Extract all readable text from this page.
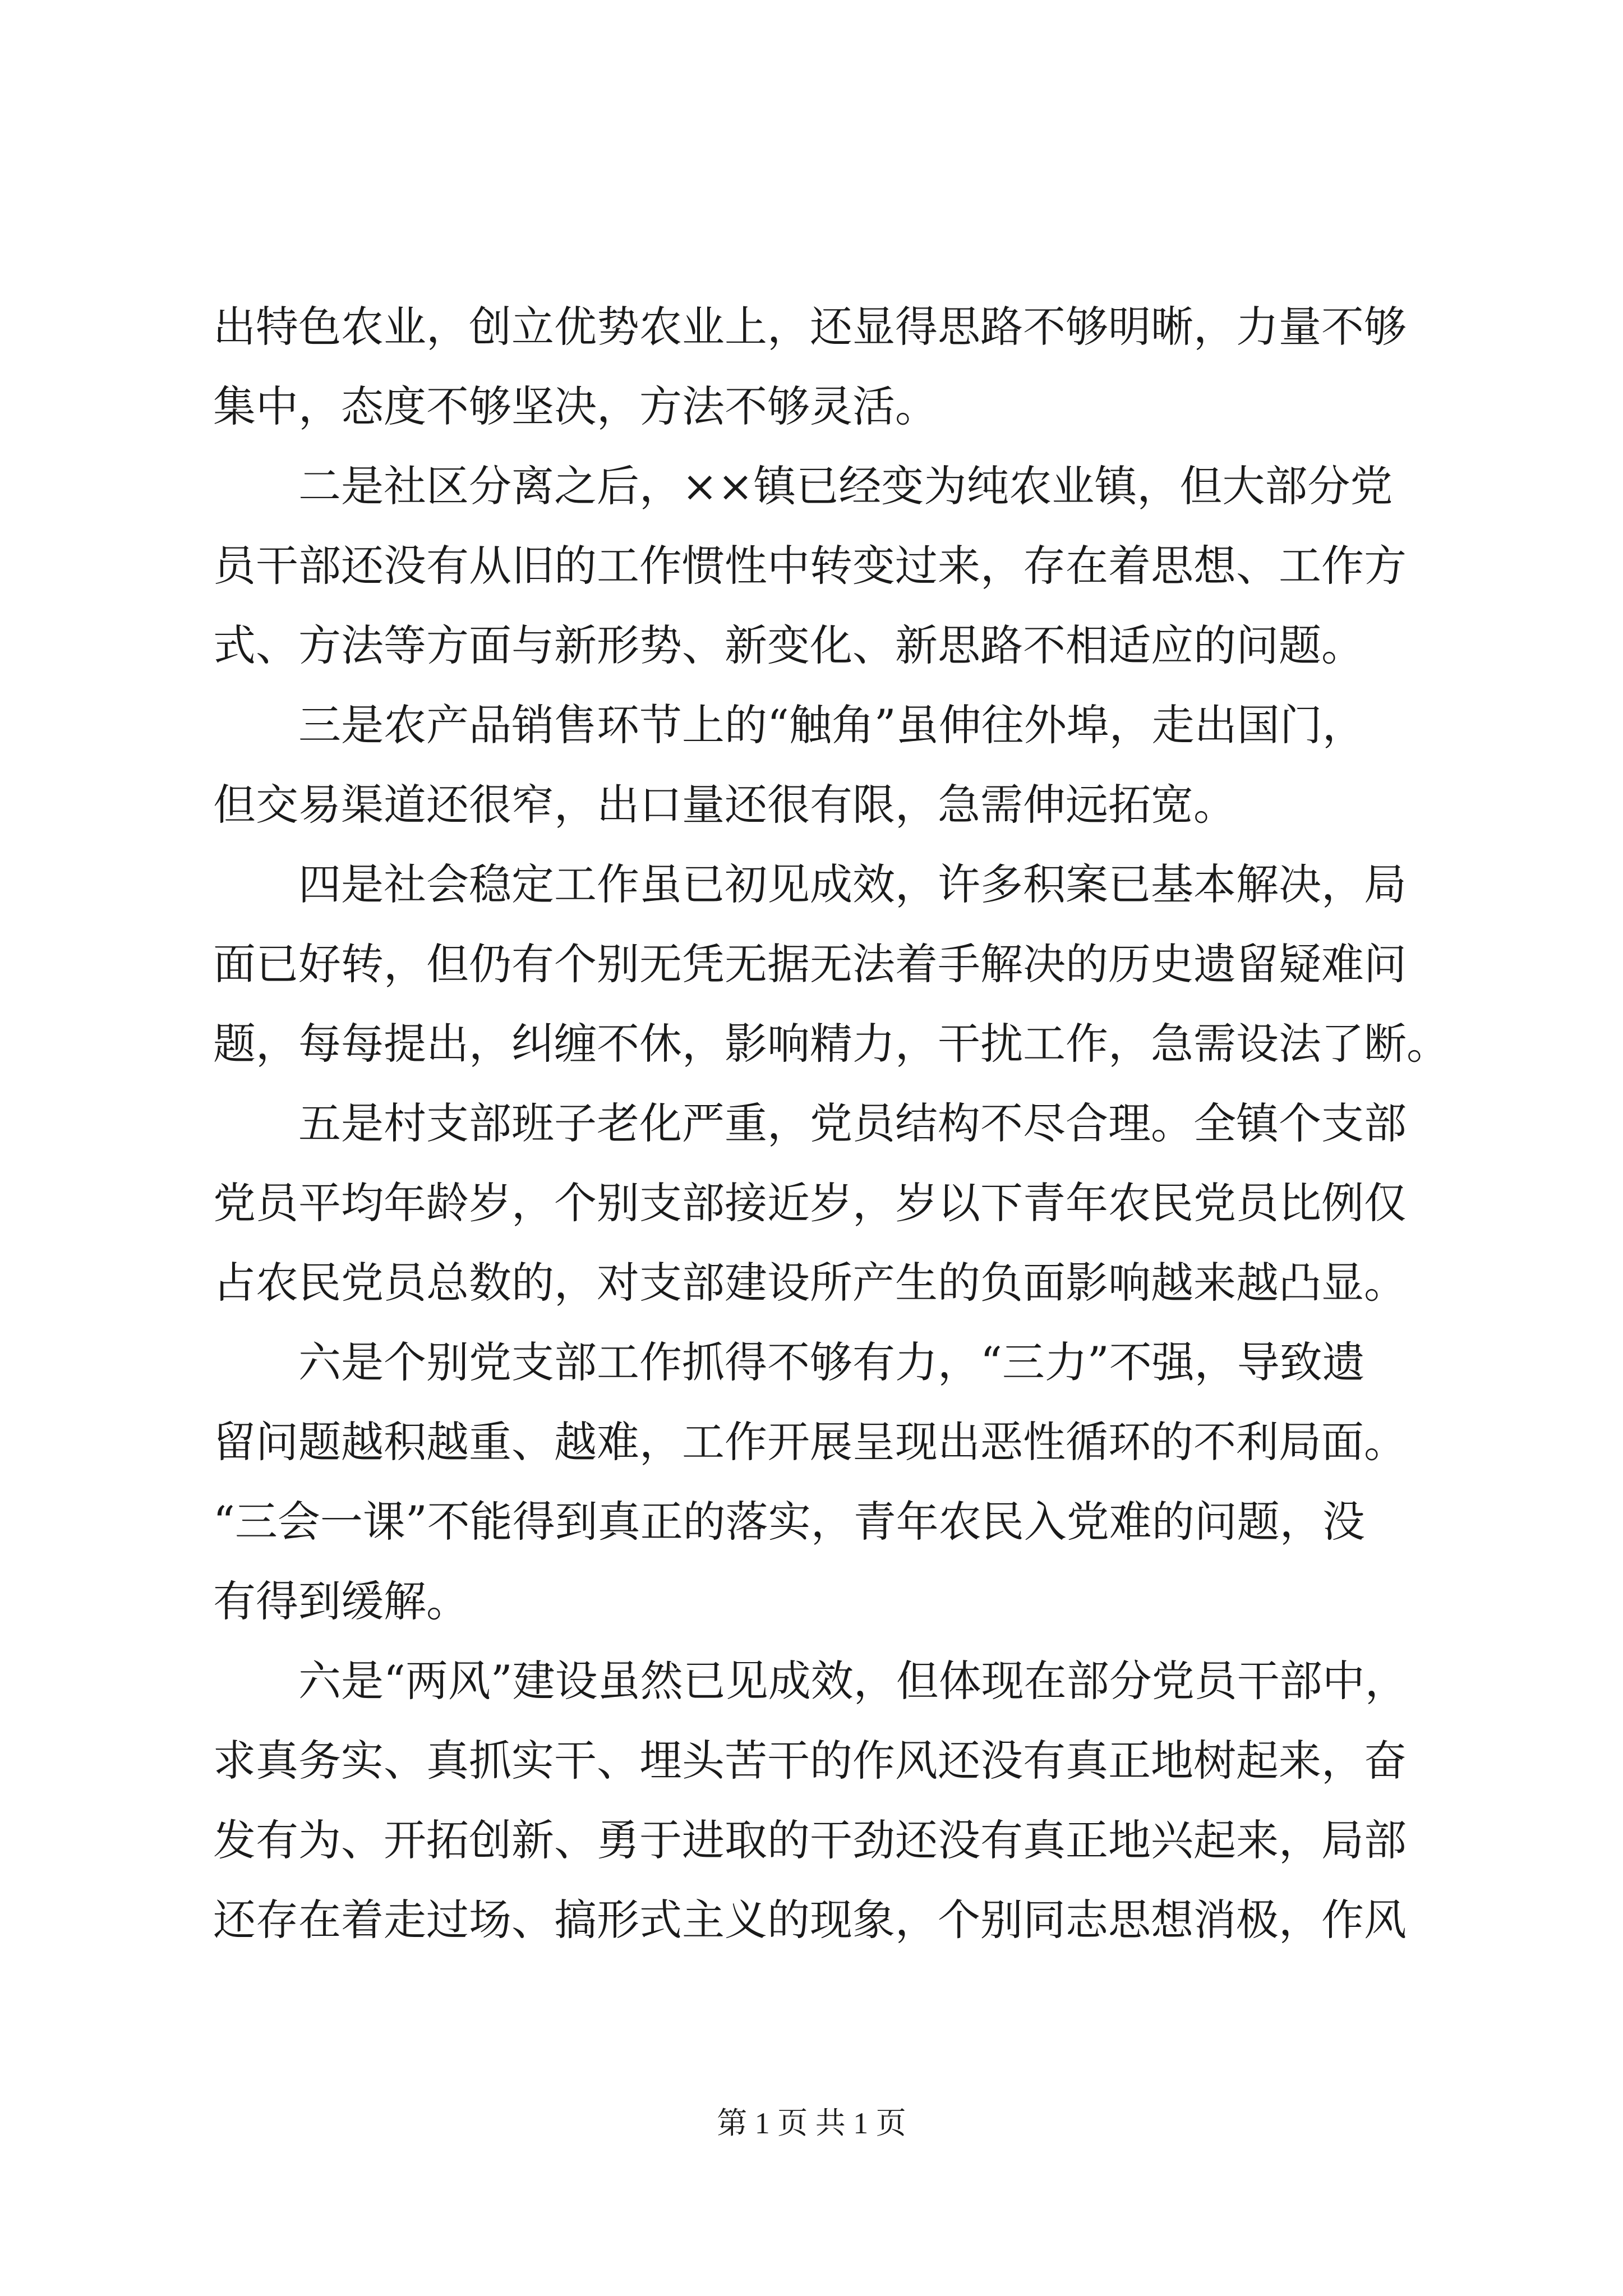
出特色农业，创立优势农业上，还显得思路不够明晰，力量不够
集中，态度不够坚决，方法不够灵活。
二是社区分离之后，××镇已经变为纯农业镇，但大部分党
员干部还没有从旧的工作惯性中转变过来，存在着思想、工作方
式、方法等方面与新形势、新变化、新思路不相适应的问题。
三是农产品销售环节上的“触角”虽伸往外埠，走出国门，
但交易渠道还很窄，出口量还很有限，急需伸远拓宽。
四是社会稳定工作虽已初见成效，许多积案已基本解决，局
面已好转，但仍有个别无凭无据无法着手解决的历史遗留疑难问
题，每每提出，纠缠不休，影响精力，干扰工作，急需设法了断。
五是村支部班子老化严重，党员结构不尽合理。全镇个支部
党员平均年龄岁，个别支部接近岁，岁以下青年农民党员比例仅
占农民党员总数的，对支部建设所产生的负面影响越来越凸显。
六是个别党支部工作抓得不够有力，“三力”不强，导致遗
留问题越积越重、越难，工作开展呈现出恶性循环的不利局面。
“三会一课”不能得到真正的落实，青年农民入党难的问题，没
有得到缓解。
六是“两风”建设虽然已见成效，但体现在部分党员干部中，
求真务实、真抓实干、埋头苦干的作风还没有真正地树起来，奋
发有为、开拓创新、勇于进取的干劲还没有真正地兴起来，局部
还存在着走过场、搞形式主义的现象，个别同志思想消极，作风
第 1 页 共 1 页
